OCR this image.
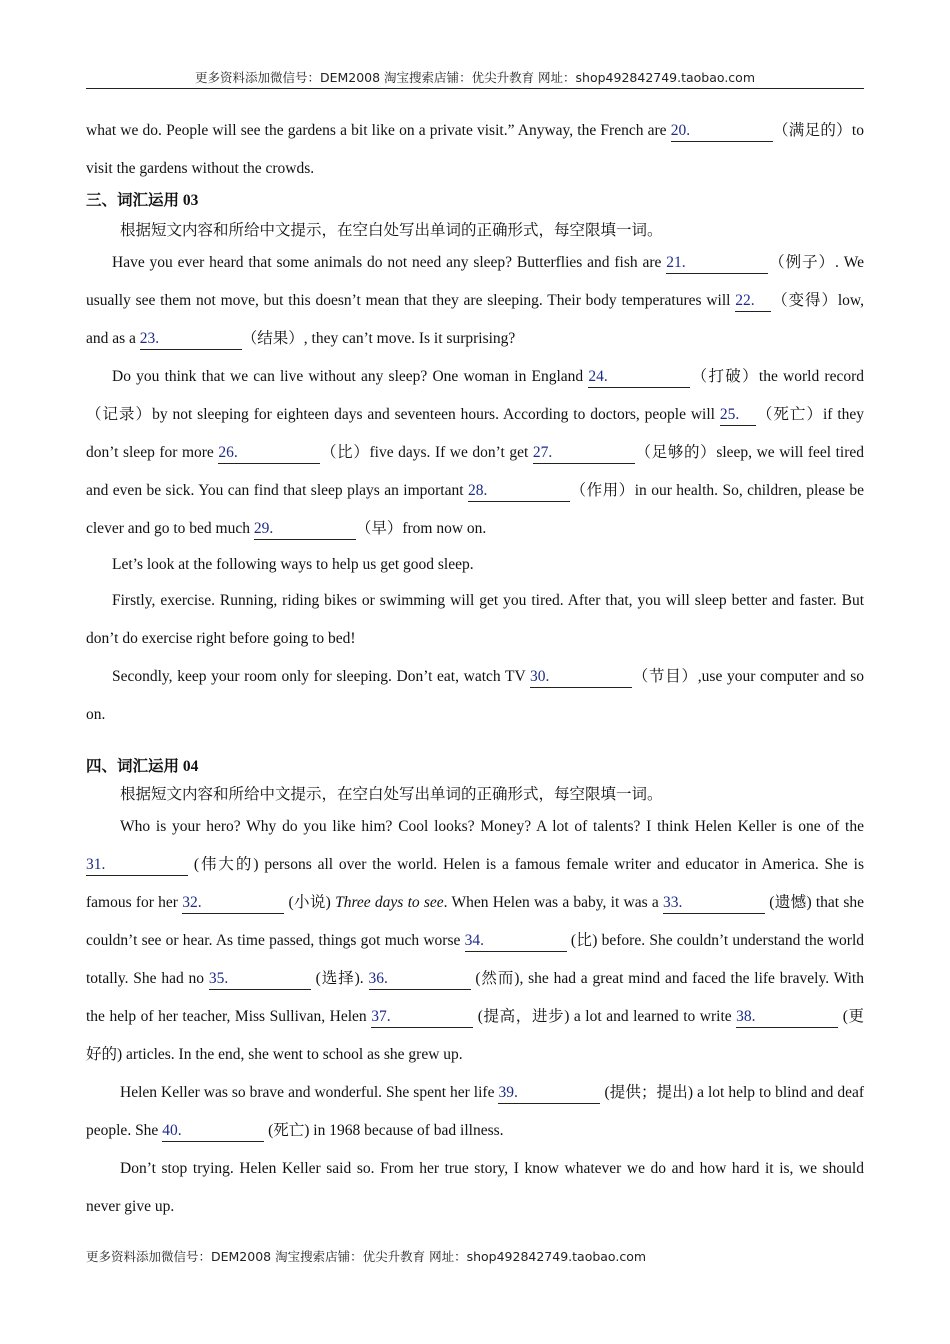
更多资料添加微信号：DEM2008 淘宝搜索店铺：优尖升教育 网址：shop492842749.taobao.com

what we do. People will see the gardens a bit like on a private visit.” Anyway, the French are 20.	（满足的）to visit the gardens without the crowds.

三、词汇运用 03

根据短文内容和所给中文提示，在空白处写出单词的正确形式，每空限填一词。

Have you ever heard that some animals do not need any sleep? Butterflies and fish are 21.	（例子）. We usually see them not move, but this doesn’t mean that they are sleeping. Their body temperatures will 22. （变得）low, and as a 23.	（结果）, they can’t move. Is it surprising?

Do you think that we can live without any sleep? One woman in England 24.	（打破）the world record（记录）by not sleeping for eighteen days and seventeen hours. According to doctors, people will 25. （死亡）if they don’t sleep for more 26.	（比）five days. If we don’t get 27.	（足够的）sleep, we will feel tired and even be sick. You can find that sleep plays an important 28.	（作用）in our health. So, children, please be clever and go to bed much 29.	（早）from now on.

Let’s look at the following ways to help us get good sleep.

Firstly, exercise. Running, riding bikes or swimming will get you tired. After that, you will sleep better and faster. But don’t do exercise right before going to bed!

Secondly, keep your room only for sleeping. Don’t eat, watch TV 30.	（节目）,use your computer and so on.

四、词汇运用 04

根据短文内容和所给中文提示，在空白处写出单词的正确形式，每空限填一词。

Who is your hero? Why do you like him? Cool looks? Money? A lot of talents? I think Helen Keller is one of the 31.	(伟大的) persons all over the world. Helen is a famous female writer and educator in America. She is famous for her 32.	(小说) Three days to see. When Helen was a baby, it was a 33.	(遗憾) that she couldn’t see or hear. As time passed, things got much worse 34.	(比) before. She couldn’t understand the world totally. She had no 35.	(选择). 36.	(然而), she had a great mind and faced the life bravely. With the help of her teacher, Miss Sullivan, Helen 37.	(提高，进步) a lot and learned to write 38.	(更好的) articles. In the end, she went to school as she grew up.

Helen Keller was so brave and wonderful. She spent her life 39.	(提供；提出) a lot help to blind and deaf people. She 40.	(死亡) in 1968 because of bad illness.

Don’t stop trying. Helen Keller said so. From her true story, I know whatever we do and how hard it is, we should never give up.

更多资料添加微信号：DEM2008 淘宝搜索店铺：优尖升教育 网址：shop492842749.taobao.com
